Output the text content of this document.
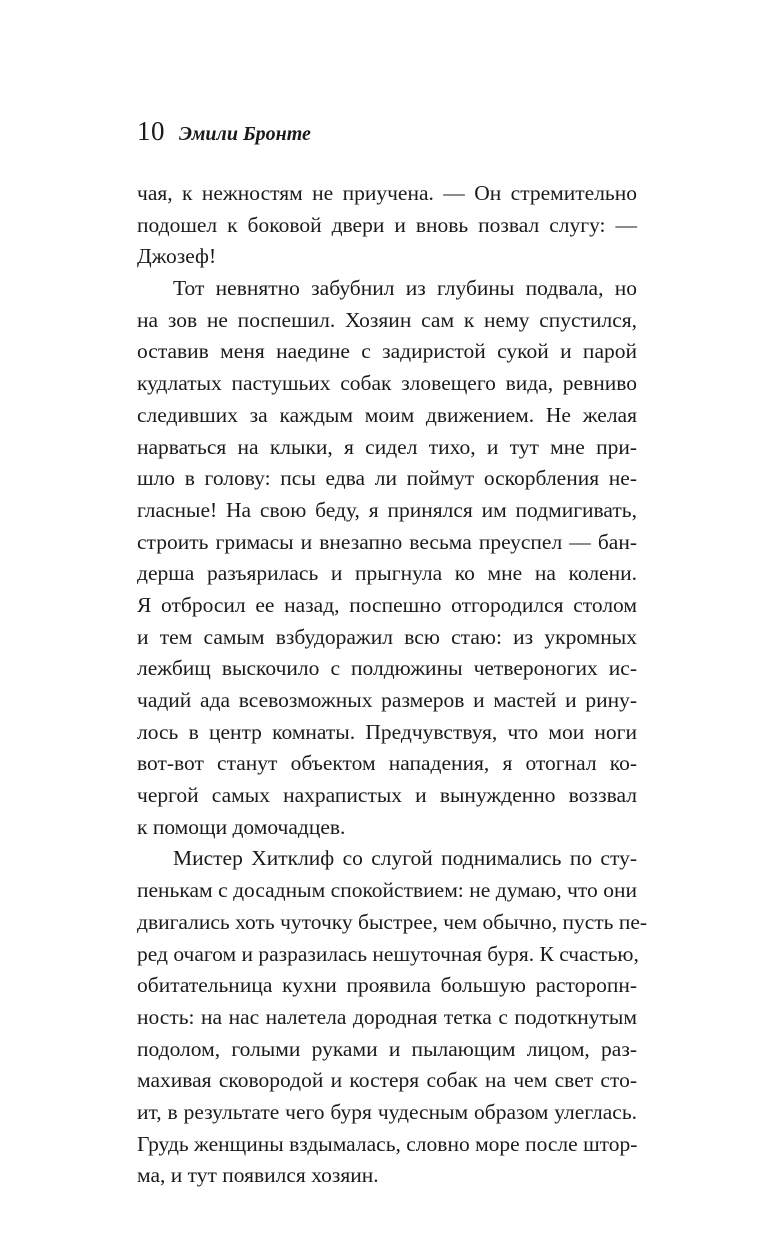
10 Эмили Бронте
чая, к нежностям не приучена. — Он стремительно
подошел к боковой двери и вновь позвал слугу: —
Джозеф!
Тот невнятно забубнил из глубины подвала, но
на зов не поспешил. Хозяин сам к нему спустился,
оставив меня наедине с задиристой сукой и парой
кудлатых пастушьих собак зловещего вида, ревниво
следивших за каждым моим движением. Не желая
нарваться на клыки, я сидел тихо, и тут мне при-
шло в голову: псы едва ли поймут оскорбления не-
гласные! На свою беду, я принялся им подмигивать,
строить гримасы и внезапно весьма преуспел — бан-
дерша разъярилась и прыгнула ко мне на колени.
Я отбросил ее назад, поспешно отгородился столом
и тем самым взбудоражил всю стаю: из укромных
лежбищ выскочило с полдюжины четвероногих ис-
чадий ада всевозможных размеров и мастей и ринy-
лось в центр комнаты. Предчувствуя, что мои ноги
вот-вот станут объектом нападения, я отогнал ко-
чергой самых нахрапистых и вынужденно воззвал
к помощи домочадцев.
Мистер Хитклиф со слугой поднимались по сту-
пенькам с досадным спокойствием: не думаю, что они
двигались хоть чуточку быстрее, чем обычно, пусть пе-
ред очагом и разразилась нешуточная буря. К счастью,
обитательница кухни проявила большую расторопн-
ность: на нас налетела дородная тетка с подоткнутым
подолом, голыми руками и пылающим лицом, раз-
махивая сковородой и костеря собак на чем свет сто-
ит, в результате чего буря чудесным образом улеглась.
Грудь женщины вздымалась, словно море после штор-
ма, и тут появился хозяин.
